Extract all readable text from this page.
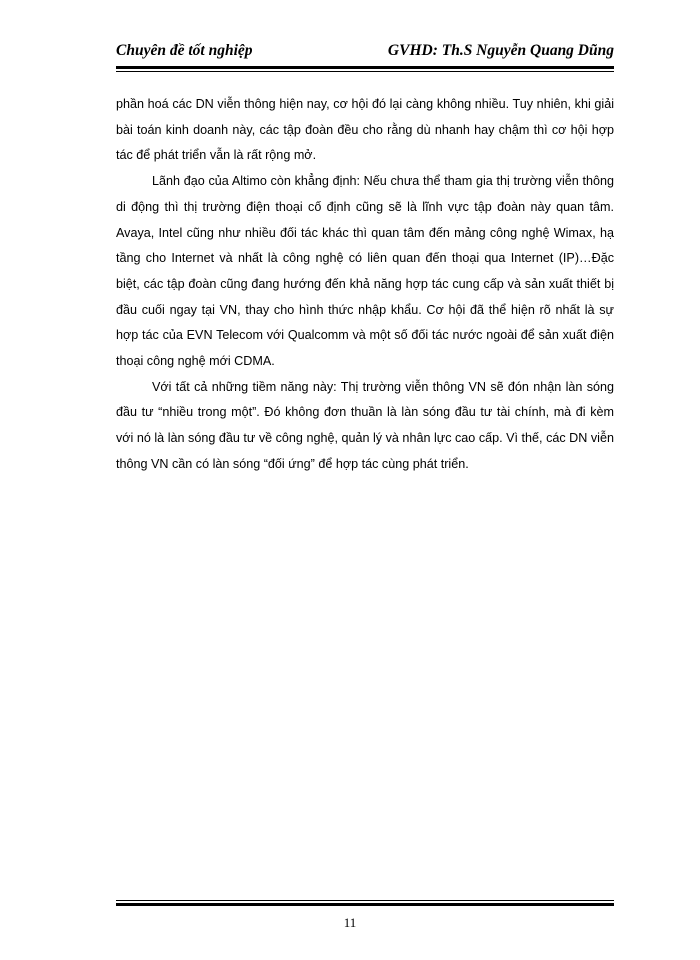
Chuyên đề tốt nghiệp	GVHD: Th.S Nguyễn Quang Dũng

phần hoá các DN viễn thông hiện nay, cơ hội đó lại càng không nhiều. Tuy nhiên, khi giải bài toán kinh doanh này, các tập đoàn đều cho rằng dù nhanh hay chậm thì cơ hội hợp tác để phát triển vẫn là rất rộng mở.

Lãnh đạo của Altimo còn khẳng định: Nếu chưa thể tham gia thị trường viễn thông di động thì thị trường điện thoại cố định cũng sẽ là lĩnh vực tập đoàn này quan tâm. Avaya, Intel cũng như nhiều đối tác khác thì quan tâm đến mảng công nghệ Wimax, hạ tầng cho Internet và nhất là công nghệ có liên quan đến thoại qua Internet (IP)…Đặc biệt, các tập đoàn cũng đang hướng đến khả năng hợp tác cung cấp và sản xuất thiết bị đầu cuối ngay tại VN, thay cho hình thức nhập khẩu. Cơ hội đã thể hiện rõ nhất là sự hợp tác của EVN Telecom với Qualcomm và một số đối tác nước ngoài để sản xuất điện thoại công nghệ mới CDMA.

Với tất cả những tiềm năng này: Thị trường viễn thông VN sẽ đón nhận làn sóng đầu tư “nhiều trong một”. Đó không đơn thuần là làn sóng đầu tư tài chính, mà đi kèm với nó là làn sóng đầu tư về công nghệ, quản lý và nhân lực cao cấp. Vì thế, các DN viễn thông VN cần có làn sóng “đối ứng” để hợp tác cùng phát triển.

11
